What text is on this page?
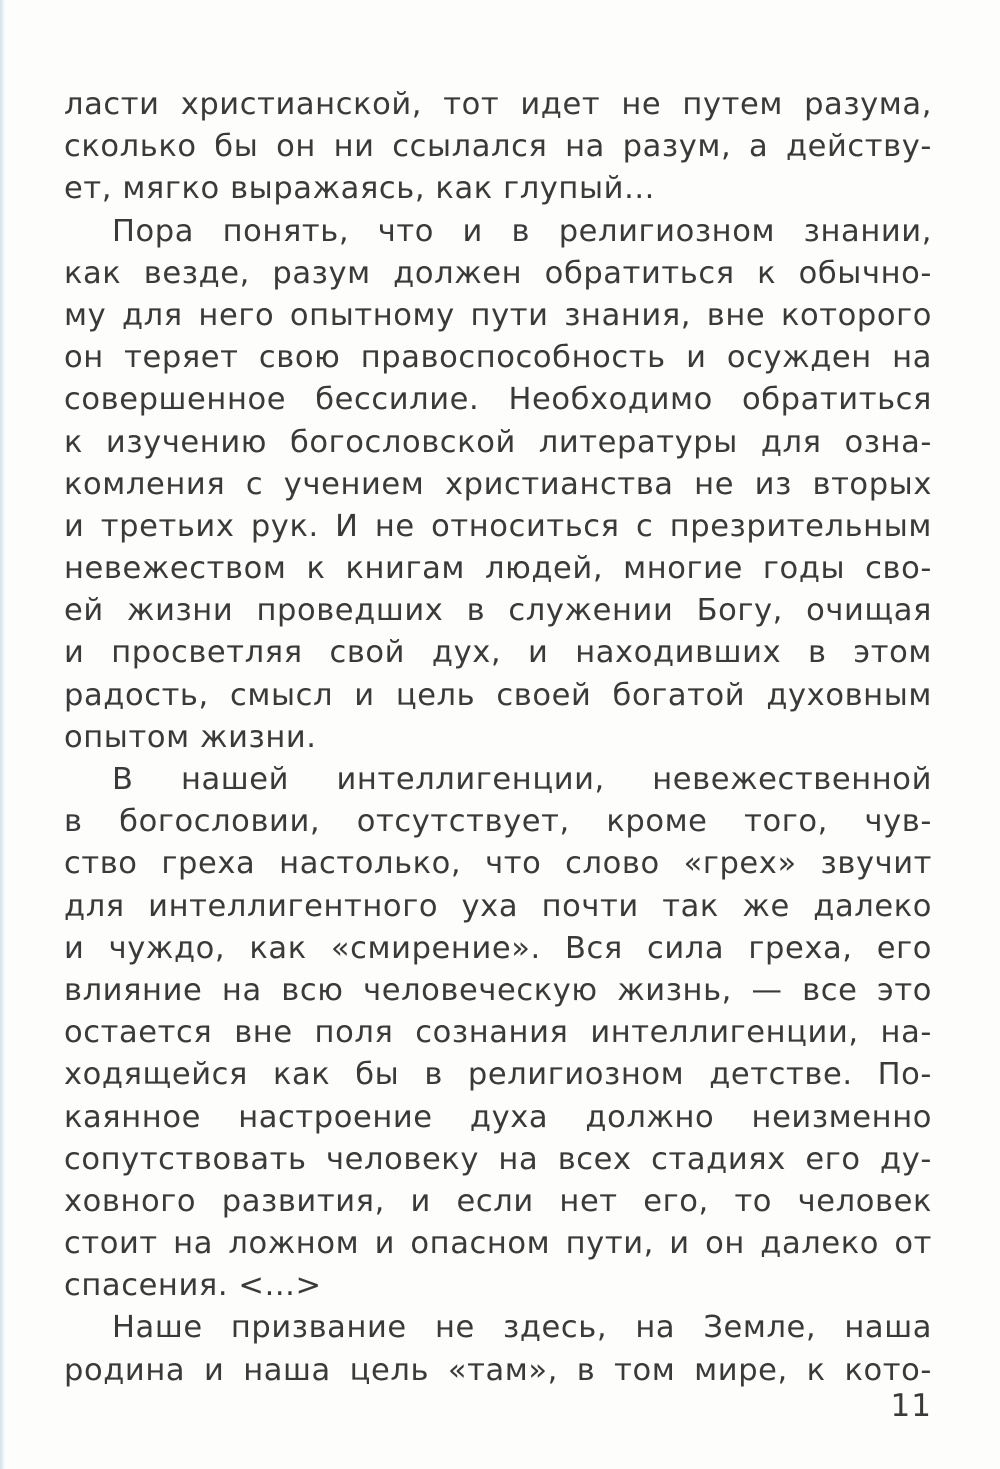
ласти христианской, тот идет не путем разума,
сколько бы он ни ссылался на разум, а действу-
ет, мягко выражаясь, как глупый...
Пора понять, что и в религиозном знании,
как везде, разум должен обратиться к обычно-
му для него опытному пути знания, вне которого
он теряет свою правоспособность и осужден на
совершенное бессилие. Необходимо обратиться
к изучению богословской литературы для озна-
комления с учением христианства не из вторых
и третьих рук. И не относиться с презрительным
невежеством к книгам людей, многие годы сво-
ей жизни проведших в служении Богу, очищая
и просветляя свой дух, и находивших в этом
радость, смысл и цель своей богатой духовным
опытом жизни.
В нашей интеллигенции, невежественной
в богословии, отсутствует, кроме того, чув-
ство греха настолько, что слово «грех» звучит
для интеллигентного уха почти так же далеко
и чуждо, как «смирение». Вся сила греха, его
влияние на всю человеческую жизнь, — все это
остается вне поля сознания интеллигенции, на-
ходящейся как бы в религиозном детстве. По-
каянное настроение духа должно неизменно
сопутствовать человеку на всех стадиях его ду-
ховного развития, и если нет его, то человек
стоит на ложном и опасном пути, и он далеко от
спасения. <...>
Наше призвание не здесь, на Земле, наша
родина и наша цель «там», в том мире, к кото-
11
